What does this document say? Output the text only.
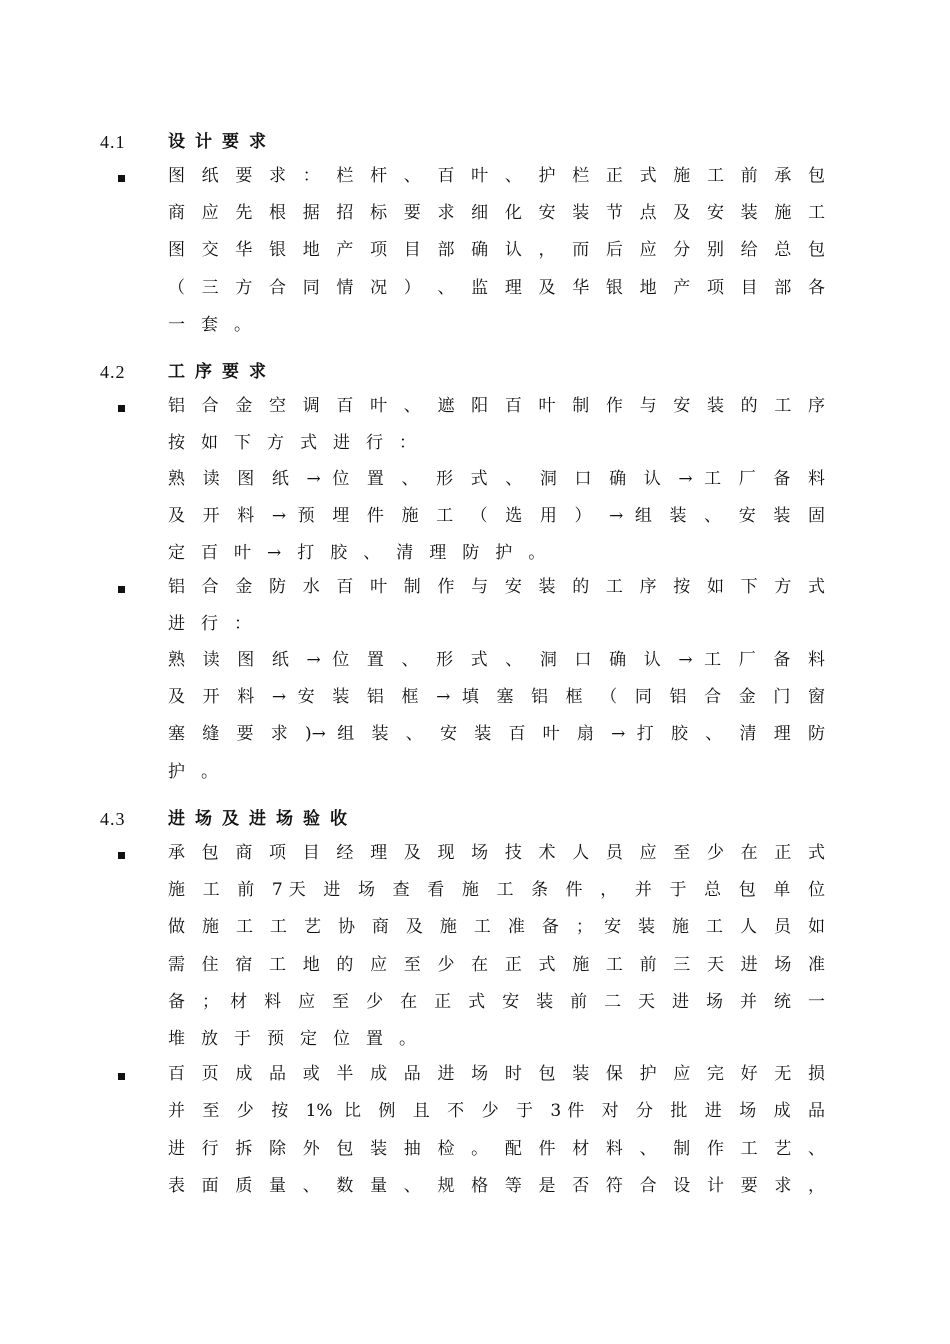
4.1	设计要求
图 纸 要 求 ： 栏 杆 、 百 叶 、 护 栏 正 式 施 工 前 承 包
商 应 先 根 据 招 标 要 求 细 化 安 装 节 点 及 安 装 施 工
图 交 华 银 地 产 项 目 部 确 认 ， 而 后 应 分 别 给 总 包
（ 三 方 合 同 情 况 ） 、 监 理 及 华 银 地 产 项 目 部 各
一套。
4.2	工序要求
铝 合 金 空 调 百 叶 、 遮 阳 百 叶 制 作 与 安 装 的 工 序
按如下方式进行：
熟 读 图 纸 → 位 置 、 形 式 、 洞 口 确 认 → 工 厂 备 料
及 开 料 → 预 埋 件 施 工 （ 选 用 ） → 组 装 、 安 装 固
定百叶→打胶、清理防护。
铝 合 金 防 水 百 叶 制 作 与 安 装 的 工 序 按 如 下 方 式
进行：
熟 读 图 纸 → 位 置 、 形 式 、 洞 口 确 认 → 工 厂 备 料
及 开 料 → 安 装 铝 框 → 填 塞 铝 框 （ 同 铝 合 金 门 窗
塞 缝 要 求 )→ 组 装 、 安 装 百 叶 扇 → 打 胶 、 清 理 防
护。
4.3	进场及进场验收
承 包 商 项 目 经 理 及 现 场 技 术 人 员 应 至 少 在 正 式
施 工 前 7天 进 场 查 看 施 工 条 件 ， 并 于 总 包 单 位
做 施 工 工 艺 协 商 及 施 工 准 备 ； 安 装 施 工 人 员 如
需 住 宿 工 地 的 应 至 少 在 正 式 施 工 前 三 天 进 场 准
备 ； 材 料 应 至 少 在 正 式 安 装 前 二 天 进 场 并 统 一
堆放于预定位置。
百 页 成 品 或 半 成 品 进 场 时 包 装 保 护 应 完 好 无 损
并 至 少 按 1% 比 例 且 不 少 于 3件 对 分 批 进 场 成 品
进 行 拆 除 外 包 装 抽 检 。 配 件 材 料 、 制 作 工 艺 、
表 面 质 量 、 数 量 、 规 格 等 是 否 符 合 设 计 要 求 ，
